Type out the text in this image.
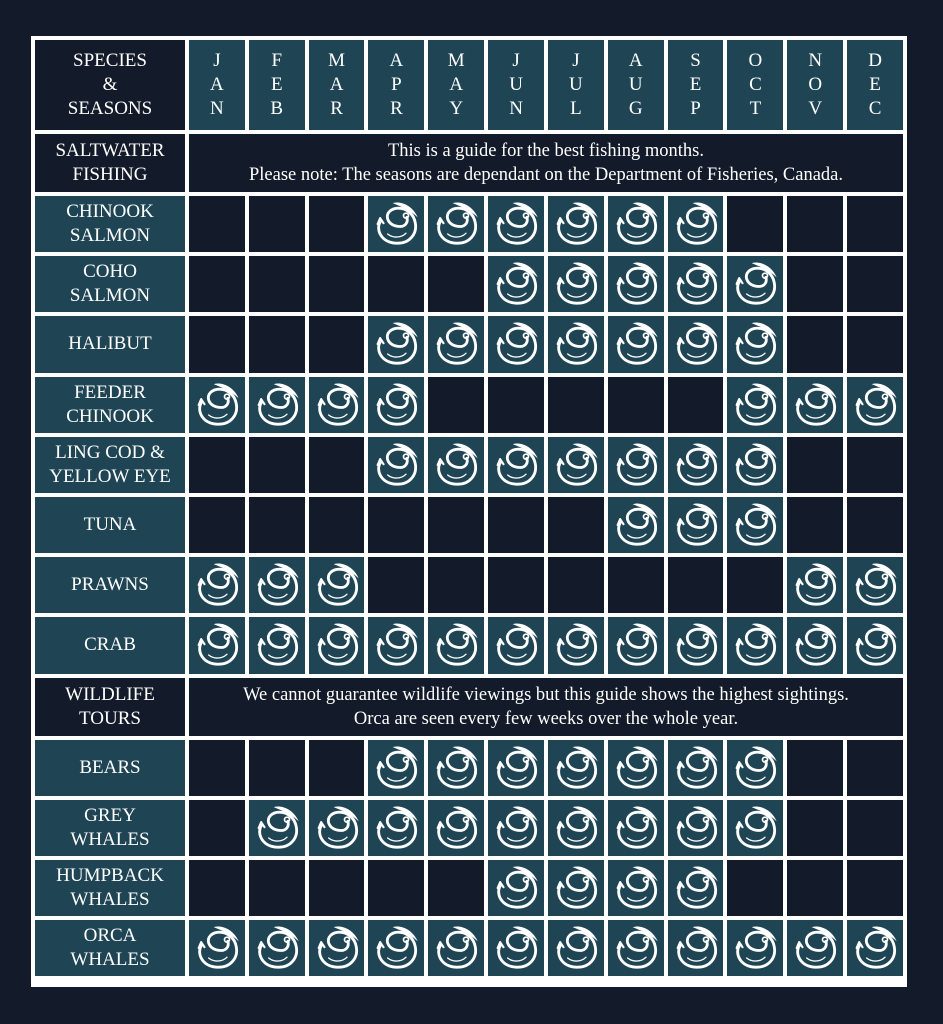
SPECIES
&
SEASONS
J
A
N
F
E
B
M
A
R
A
P
R
M
A
Y
J
U
N
J
U
L
A
U
G
S
E
P
O
C
T
N
O
V
D
E
C
SALTWATER
FISHING
This is a guide for the best fishing months.
Please note: The seasons are dependant on the Department of Fisheries, Canada.
CHINOOK
SALMON
COHO
SALMON
HALIBUT
FEEDER
CHINOOK
LING COD &
YELLOW EYE
TUNA
PRAWNS
CRAB
WILDLIFE
TOURS
We cannot guarantee wildlife viewings but this guide shows the highest sightings.
Orca are seen every few weeks over the whole year.
BEARS
GREY
WHALES
HUMPBACK
WHALES
ORCA
WHALES
